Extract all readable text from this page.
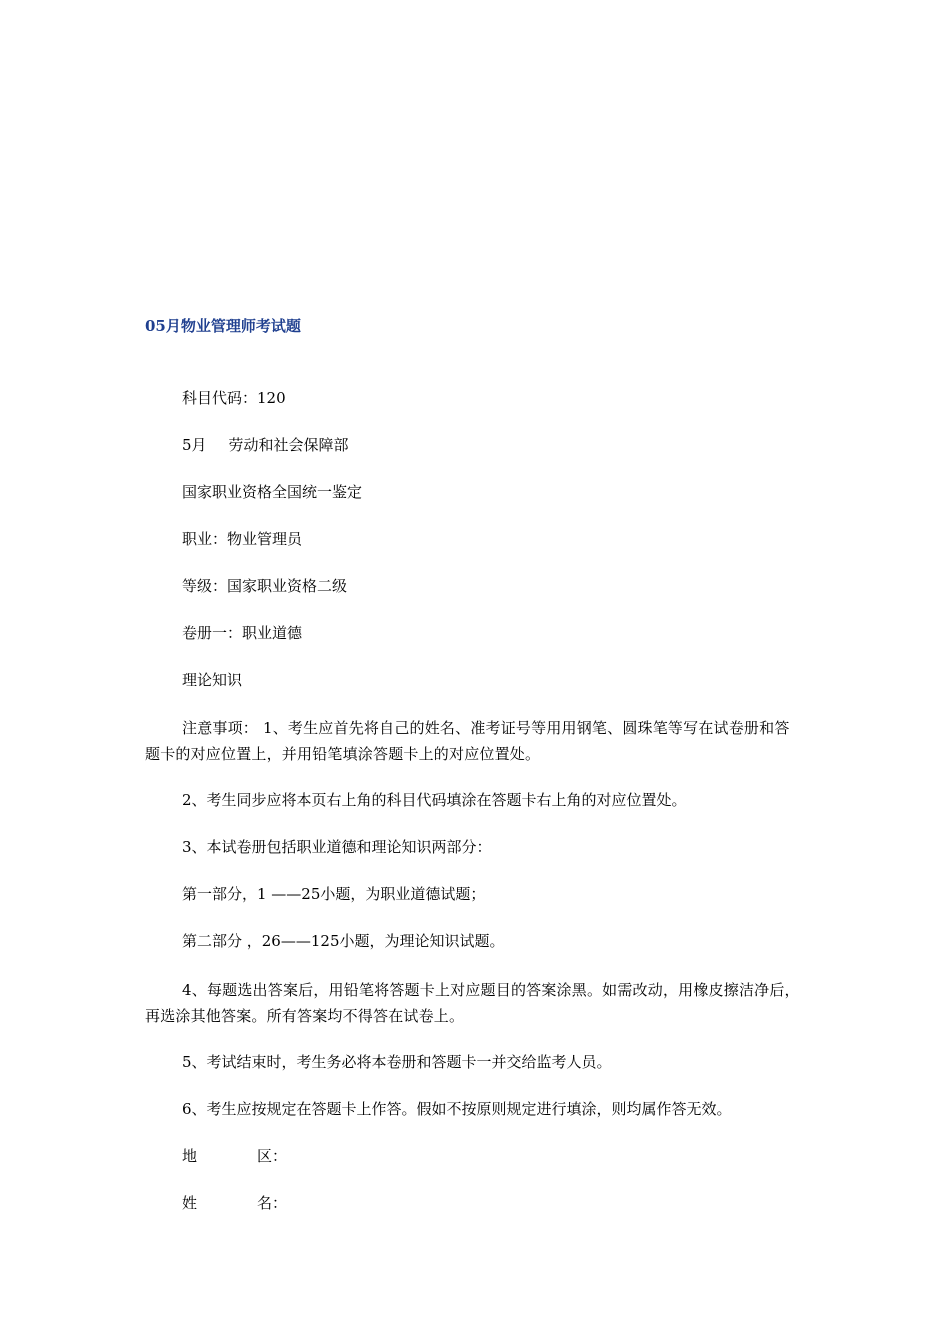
05月物业管理师考试题
科目代码：120
5月 劳动和社会保障部
国家职业资格全国统一鉴定
职业：物业管理员
等级：国家职业资格二级
卷册一：职业道德
理论知识
注意事项： 1、考生应首先将自己的姓名、准考证号等用用钢笔、圆珠笔等写在试卷册和答题卡的对应位置上，并用铅笔填涂答题卡上的对应位置处。
2、考生同步应将本页右上角的科目代码填涂在答题卡右上角的对应位置处。
3、本试卷册包括职业道德和理论知识两部分：
第一部分，1 ——25小题，为职业道德试题；
第二部分 ，26——125小题，为理论知识试题。
4、每题选出答案后，用铅笔将答题卡上对应题目的答案涂黑。如需改动，用橡皮擦洁净后，再选涂其他答案。所有答案均不得答在试卷上。
5、考试结束时，考生务必将本卷册和答题卡一并交给监考人员。
6、考生应按规定在答题卡上作答。假如不按原则规定进行填涂，则均属作答无效。
地	区：
姓	名：
